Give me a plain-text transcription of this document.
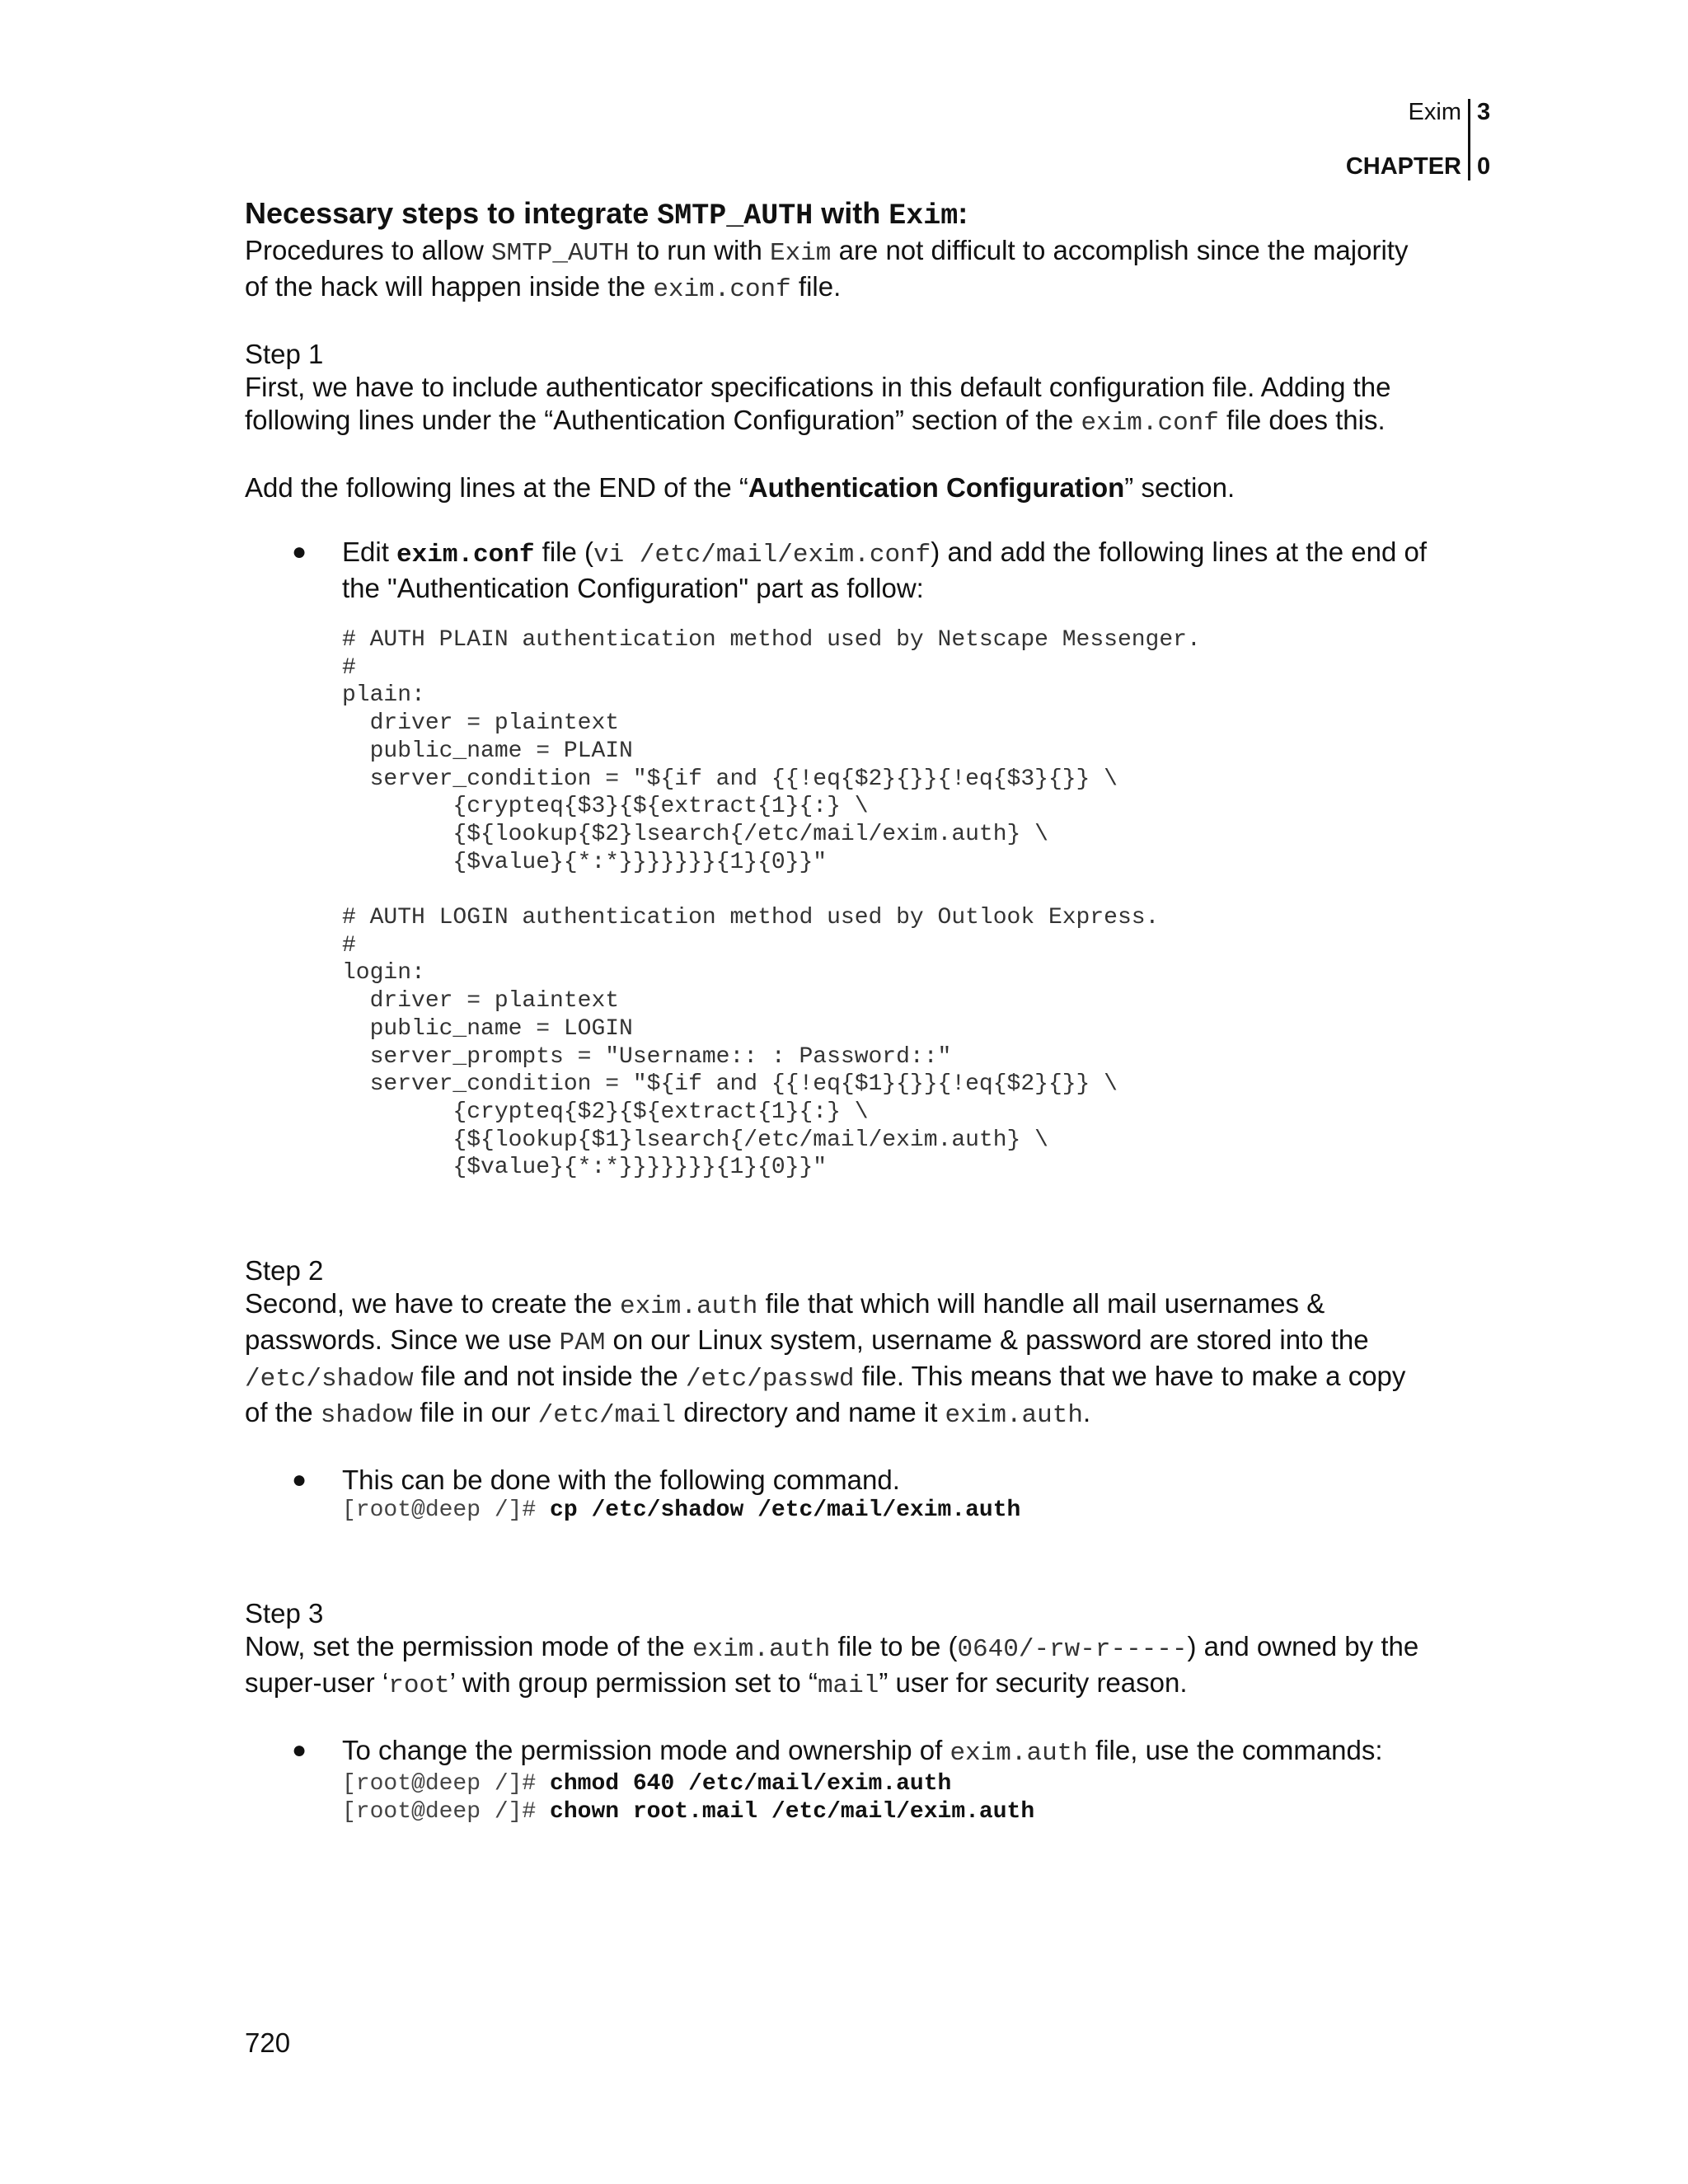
Exim 3
CHAPTER 0
Necessary steps to integrate SMTP_AUTH with Exim:

Procedures to allow SMTP_AUTH to run with Exim are not difficult to accomplish since the majority of the hack will happen inside the exim.conf file.

Step 1

First, we have to include authenticator specifications in this default configuration file. Adding the following lines under the “Authentication Configuration” section of the exim.conf file does this.

Add the following lines at the END of the “Authentication Configuration” section.

● Edit exim.conf file (vi /etc/mail/exim.conf) and add the following lines at the end of the "Authentication Configuration" part as follow:

# AUTH PLAIN authentication method used by Netscape Messenger.
#
plain:
driver = plaintext
public_name = PLAIN
server_condition = "${if and {{!eq{$2}{}}{!eq{$3}{}} \
{crypteq{$3}{${extract{1}{:} \
{${lookup{$2}lsearch{/etc/mail/exim.auth} \
{$value}{*:*}}}}}}}{1}{0}}"

# AUTH LOGIN authentication method used by Outlook Express.
#
login:
driver = plaintext
public_name = LOGIN
server_prompts = "Username:: : Password::"
server_condition = "${if and {{!eq{$1}{}}{!eq{$2}{}} \
{crypteq{$2}{${extract{1}{:} \
{${lookup{$1}lsearch{/etc/mail/exim.auth} \
{$value}{*:*}}}}}}}{1}{0}}"

Step 2

Second, we have to create the exim.auth file that which will handle all mail usernames & passwords. Since we use PAM on our Linux system, username & password are stored into the /etc/shadow file and not inside the /etc/passwd file. This means that we have to make a copy of the shadow file in our /etc/mail directory and name it exim.auth.

● This can be done with the following command.

[root@deep /]# cp /etc/shadow /etc/mail/exim.auth

Step 3

Now, set the permission mode of the exim.auth file to be (0640/-rw-r-----) and owned by the super-user ‘root’ with group permission set to “mail” user for security reason.

● To change the permission mode and ownership of exim.auth file, use the commands:

[root@deep /]# chmod 640 /etc/mail/exim.auth
[root@deep /]# chown root.mail /etc/mail/exim.auth
720
